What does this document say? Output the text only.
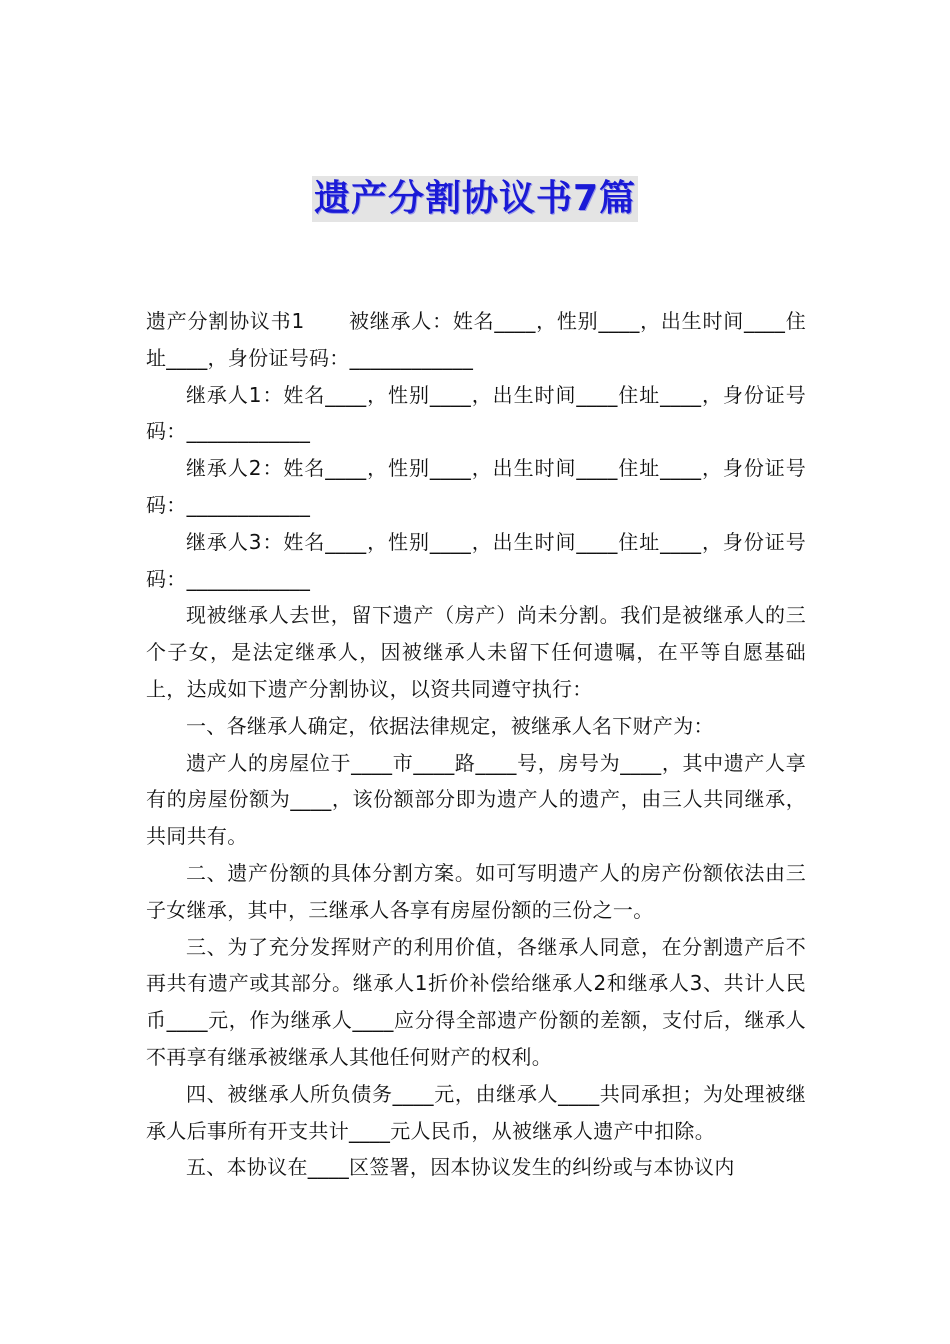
遗产分割协议书7篇

遗产分割协议书1 被继承人：姓名____，性别____，出生时间____住址____，身份证号码：____________

继承人1：姓名____，性别____，出生时间____住址____，身份证号码：____________

继承人2：姓名____，性别____，出生时间____住址____，身份证号码：____________

继承人3：姓名____，性别____，出生时间____住址____，身份证号码：____________

现被继承人去世，留下遗产（房产）尚未分割。我们是被继承人的三个子女，是法定继承人，因被继承人未留下任何遗嘱，在平等自愿基础上，达成如下遗产分割协议，以资共同遵守执行：

一、各继承人确定，依据法律规定，被继承人名下财产为：

遗产人的房屋位于____市____路____号，房号为____，其中遗产人享有的房屋份额为____，该份额部分即为遗产人的遗产，由三人共同继承，共同共有。

二、遗产份额的具体分割方案。如可写明遗产人的房产份额依法由三子女继承，其中，三继承人各享有房屋份额的三份之一。

三、为了充分发挥财产的利用价值，各继承人同意，在分割遗产后不再共有遗产或其部分。继承人1折价补偿给继承人2和继承人3、共计人民币____元，作为继承人____应分得全部遗产份额的差额，支付后，继承人不再享有继承被继承人其他任何财产的权利。

四、被继承人所负债务____元，由继承人____共同承担；为处理被继承人后事所有开支共计____元人民币，从被继承人遗产中扣除。

五、本协议在____区签署，因本协议发生的纠纷或与本协议内
